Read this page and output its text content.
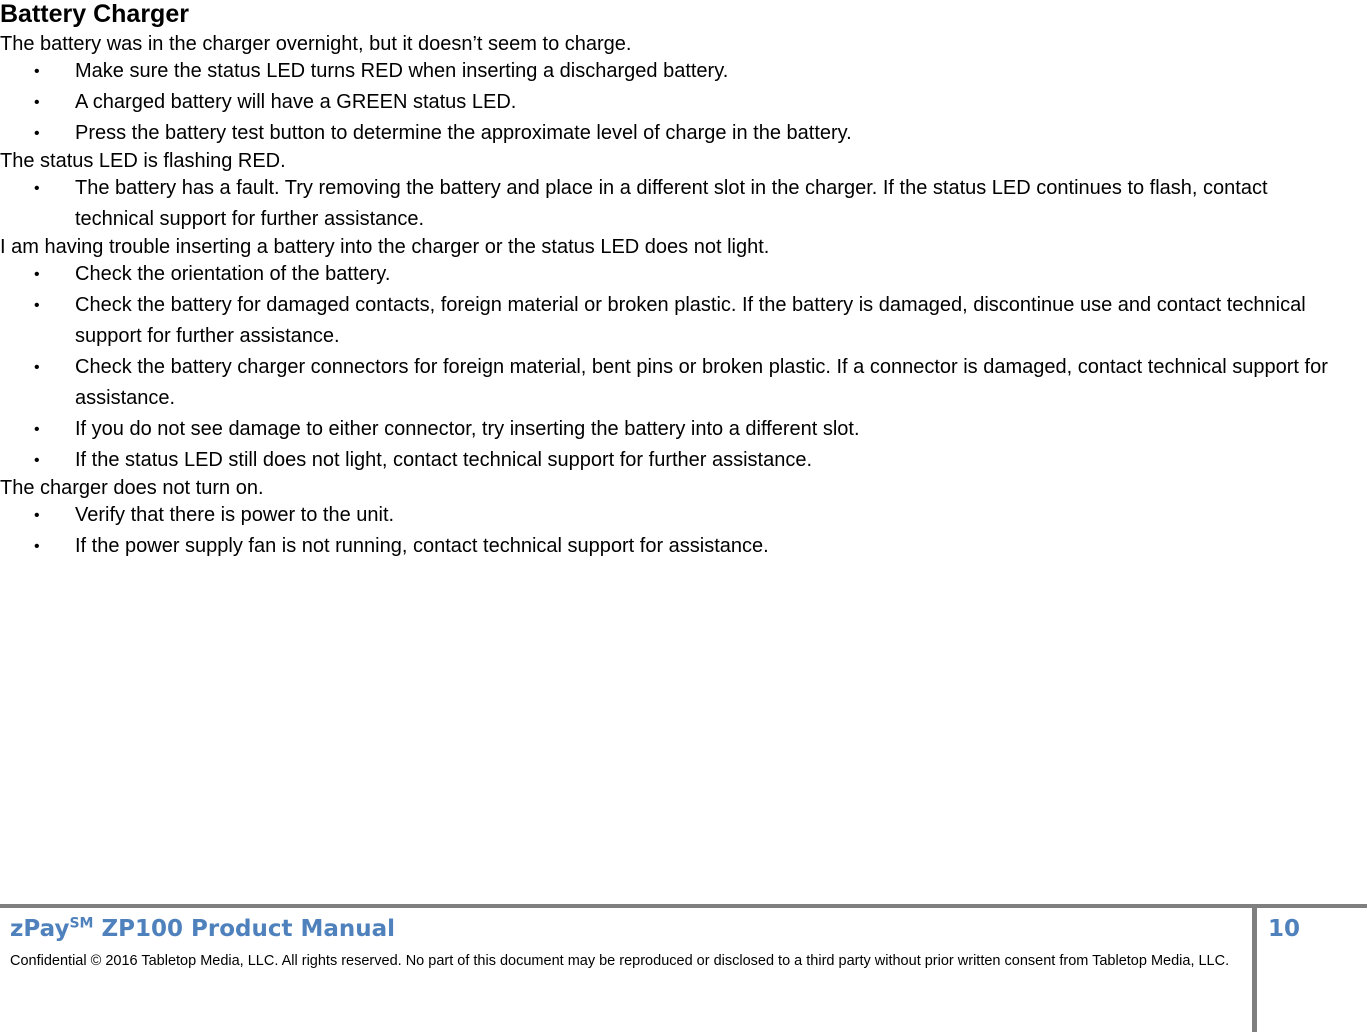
Battery Charger
The battery was in the charger overnight, but it doesn’t seem to charge.
• Make sure the status LED turns RED when inserting a discharged battery.
• A charged battery will have a GREEN status LED.
• Press the battery test button to determine the approximate level of charge in the battery.
The status LED is flashing RED.
• The battery has a fault. Try removing the battery and place in a different slot in the charger. If the status LED continues to flash, contact technical support for further assistance.
I am having trouble inserting a battery into the charger or the status LED does not light.
• Check the orientation of the battery.
• Check the battery for damaged contacts, foreign material or broken plastic. If the battery is damaged, discontinue use and contact technical support for further assistance.
• Check the battery charger connectors for foreign material, bent pins or broken plastic. If a connector is damaged, contact technical support for assistance.
• If you do not see damage to either connector, try inserting the battery into a different slot.
• If the status LED still does not light, contact technical support for further assistance.
The charger does not turn on.
• Verify that there is power to the unit.
• If the power supply fan is not running, contact technical support for assistance.
zPay℠ ZP100 Product Manual
Confidential © 2016 Tabletop Media, LLC. All rights reserved. No part of this document may be reproduced or disclosed to a third party without prior written consent from Tabletop Media, LLC.
10
